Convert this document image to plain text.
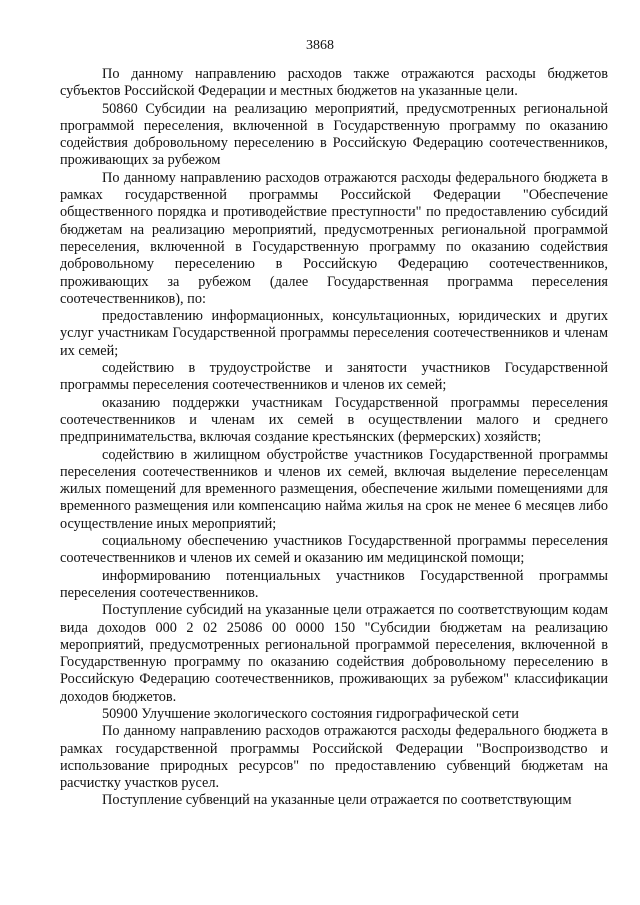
3868

По данному направлению расходов также отражаются расходы бюджетов субъектов Российской Федерации и местных бюджетов на указанные цели.

50860 Субсидии на реализацию мероприятий, предусмотренных региональной программой переселения, включенной в Государственную программу по оказанию содействия добровольному переселению в Российскую Федерацию соотечественников, проживающих за рубежом

По данному направлению расходов отражаются расходы федерального бюджета в рамках государственной программы Российской Федерации "Обеспечение общественного порядка и противодействие преступности" по предоставлению субсидий бюджетам на реализацию мероприятий, предусмотренных региональной программой переселения, включенной в Государственную программу по оказанию содействия добровольному переселению в Российскую Федерацию соотечественников, проживающих за рубежом (далее Государственная программа переселения соотечественников), по:

предоставлению информационных, консультационных, юридических и других услуг участникам Государственной программы переселения соотечественников и членам их семей;

содействию в трудоустройстве и занятости участников Государственной программы переселения соотечественников и членов их семей;

оказанию поддержки участникам Государственной программы переселения соотечественников и членам их семей в осуществлении малого и среднего предпринимательства, включая создание крестьянских (фермерских) хозяйств;

содействию в жилищном обустройстве участников Государственной программы переселения соотечественников и членов их семей, включая выделение переселенцам жилых помещений для временного размещения, обеспечение жилыми помещениями для временного размещения или компенсацию найма жилья на срок не менее 6 месяцев либо осуществление иных мероприятий;

социальному обеспечению участников Государственной программы переселения соотечественников и членов их семей и оказанию им медицинской помощи;

информированию потенциальных участников Государственной программы переселения соотечественников.

Поступление субсидий на указанные цели отражается по соответствующим кодам вида доходов 000 2 02 25086 00 0000 150 "Субсидии бюджетам на реализацию мероприятий, предусмотренных региональной программой переселения, включенной в Государственную программу по оказанию содействия добровольному переселению в Российскую Федерацию соотечественников, проживающих за рубежом" классификации доходов бюджетов.

50900 Улучшение экологического состояния гидрографической сети

По данному направлению расходов отражаются расходы федерального бюджета в рамках государственной программы Российской Федерации "Воспроизводство и использование природных ресурсов" по предоставлению субвенций бюджетам на расчистку участков русел.

Поступление субвенций на указанные цели отражается по соответствующим
